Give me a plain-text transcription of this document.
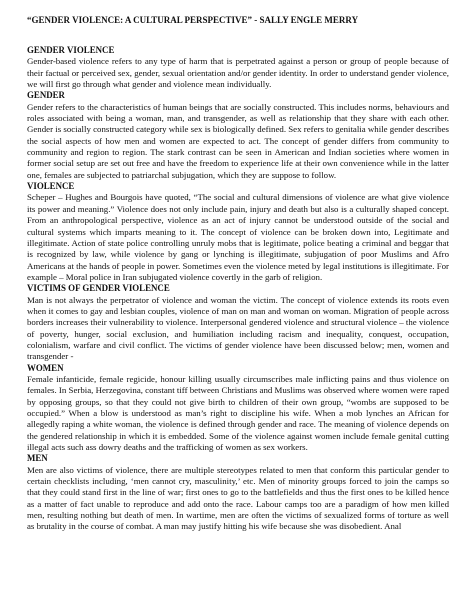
“GENDER VIOLENCE: A CULTURAL PERSPECTIVE” - SALLY ENGLE MERRY
GENDER VIOLENCE
Gender-based violence refers to any type of harm that is perpetrated against a person or group of people because of their factual or perceived sex, gender, sexual orientation and/or gender identity. In order to understand gender violence, we will first go through what gender and violence mean individually.
GENDER
Gender refers to the characteristics of human beings that are socially constructed. This includes norms, behaviours and roles associated with being a woman, man, and transgender, as well as relationship that they share with each other. Gender is socially constructed category while sex is biologically defined. Sex refers to genitalia while gender describes the social aspects of how men and women are expected to act. The concept of gender differs from community to community and region to region. The stark contrast can be seen in American and Indian societies where women in former social setup are set out free and have the freedom to experience life at their own convenience while in the latter one, females are subjected to patriarchal subjugation, which they are suppose to follow.
VIOLENCE
Scheper – Hughes and Bourgois have quoted, “The social and cultural dimensions of violence are what give violence its power and meaning.” Violence does not only include pain, injury and death but also is a culturally shaped concept. From an anthropological perspective, violence as an act of injury cannot be understood outside of the social and cultural systems which imparts meaning to it. The concept of violence can be broken down into, Legitimate and illegitimate. Action of state police controlling unruly mobs that is legitimate, police beating a criminal and beggar that is recognized by law, while violence by gang or lynching is illegitimate, subjugation of poor Muslims and Afro Americans at the hands of people in power. Sometimes even the violence meted by legal institutions is illegitimate. For example – Moral police in Iran subjugated violence covertly in the garb of religion.
VICTIMS OF GENDER VIOLENCE
Man is not always the perpetrator of violence and woman the victim. The concept of violence extends its roots even when it comes to gay and lesbian couples, violence of man on man and woman on woman. Migration of people across borders increases their vulnerability to violence. Interpersonal gendered violence and structural violence – the violence of poverty, hunger, social exclusion, and humiliation including racism and inequality, conquest, occupation, colonialism, warfare and civil conflict. The victims of gender violence have been discussed below; men, women and transgender -
WOMEN
Female infanticide, female regicide, honour killing usually circumscribes male inflicting pains and thus violence on females. In Serbia, Herzegovina, constant tiff between Christians and Muslims was observed where women were raped by opposing groups, so that they could not give birth to children of their own group, “wombs are supposed to be occupied.” When a blow is understood as man’s right to discipline his wife. When a mob lynches an African for allegedly raping a white woman, the violence is defined through gender and race. The meaning of violence depends on the gendered relationship in which it is embedded. Some of the violence against women include female genital cutting illegal acts such ass dowry deaths and the trafficking of women as sex workers.
MEN
Men are also victims of violence, there are multiple stereotypes related to men that conform this particular gender to certain checklists including, ‘men cannot cry, masculinity,’ etc. Men of minority groups forced to join the camps so that they could stand first in the line of war; first ones to go to the battlefields and thus the first ones to be killed hence as a matter of fact unable to reproduce and add onto the race. Labour camps too are a paradigm of how men killed men, resulting nothing but death of men. In wartime, men are often the victims of sexualized forms of torture as well as brutality in the course of combat. A man may justify hitting his wife because she was disobedient. Anal
